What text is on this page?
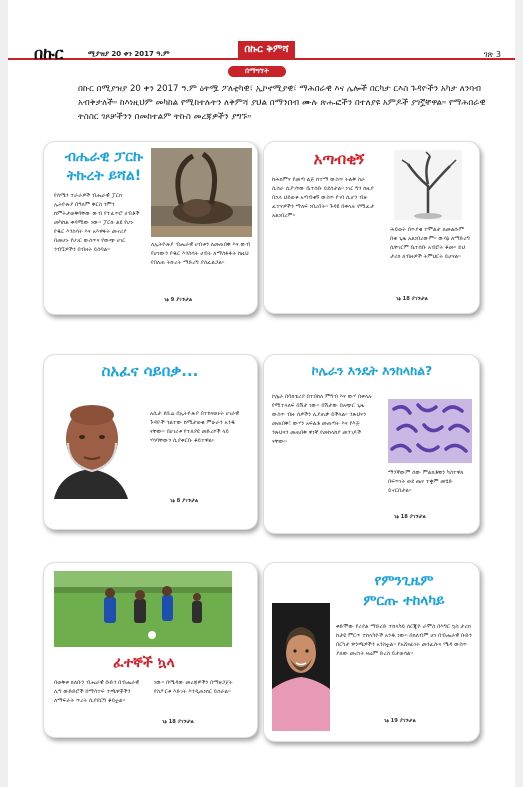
በኩር	ሚያዝያ 20 ቀን 2017 ዓ.ም	በኩር ቅምሻ	ገጽ 3
በማግኘት
በኩር በሚያዝያ 20 ቀን 2017 ዓ.ም ዕትሟ ፖለቲካዊ፣ ኢኮኖሚያዊ፣ ማሕበራዊ እና ሌሎች በርካታ ርእስ ጉዳዮችን አካታ ለንባብ አብቅታለች። ከእነዚህም መካከል የሚከተሉትን ለቅምሻ ያህል በማንበብ ሙሉ ጽሑፎችን በተለያዩ አምዶች ያገኟቸዋል። የማሕበራዊ ትስስር ገጾቻችንን በመከተልም ትኩስ መረጃዎችን ያግኙ።
ብሔራዊ ፓርኩ
ትኩረት ይሻል!

የሰሜን ተራራዎች ብሔራዊ ፓርክ ኢትዮጵያ በዓለም ቅርስ ጎምጎ ከምትታወቅባቸው ውብ የተፈጥሮ ሀብቶች መካከል ቀዳሚው ነው። ፓርኩ ልዩ የሆኑ የዱር እንስሳት እና አእዋፋት መኖሪያ በመሆኑ የሀገር ውስጥና የውጭ ሀገር ጎብኚዎችን በብዛት ይስባል።

ለኢትዮጵያ ብሔራዊ ሀብቱን ለመጠበቅ እና ውብ የሆነውን የዱር እንስሳት ሀብት ለማስፋፋት ከዚህ የበለጠ ትኩረት ማድረግ ያስፈልጋል።

ገፅ 9 ያገኙታል
አጣብቂኝ

ከሕክምና የመጣ ልጅ ከተማ ውስጥ ትልቅ ስራ ሲሰራ ሲያገኘው ቤተሰቡ ይደሰታል። ነገር ግን ከዚያ በኋላ ህይወቱ አጣብቂኝ ውስጥ የገባ ሲሆን ብዙ ፈተናዎችን ማለፍ ነበረበት። ጉዳዩ በቀላሉ የሚፈታ አልነበረም።

ሕይወት በጥያቄ ተሞልታ ለመልሱም በቂ ጊዜ አልነበረውም። ውሳኔ ለማድረግ ሲቸገርም ቤተሰቡ አብሮት ቆመ። ይህ ታሪክ ለብዙዎች ትምህርት ይሆናል።

ገፅ 18 ያገኙታል
ስአፈና ሳይበቃ...

አሲታ ደቢሬ በኢትዮጵያ በተከናወኑት ሀገራዊ ጉዳዮች ጎልተው ከሚታወቁ ምሁራን አንዱ ናቸው። በሀገሪቱ የተለያዩ መድረኮች ላይ ሃሳባቸውን ሲያቀርቡ ቆይተዋል።

ገፅ 8 ያገኙታል
ኮሌራን እንዴት እንከላከል?

ኮሌራ በባክቴሪያ በተበከለ ምግብ እና ውሃ በቀላሉ የሚተላለፍ በሽታ ነው። በሽታው በአጭር ጊዜ ውስጥ ብዙ ሰዎችን ሊያጠቃ ይችላል። ንጽህናን መጠበቅ፣ ውሃን አፍልቶ መጠጣት እና የእጅ ንጽህናን መጠበቅ ዋነኛ የመከላከያ መንገዶች ናቸው።

ማንኛውም ሰው ምልክቶቹን ካስተዋለ በፍጥነት ወደ ጤና ተቋም መሄድ ይኖርበታል።

ገፅ 18 ያገኙታል
ፈተኞች ኳላ

በወቅቱ ክለቡን ብሔራዊ ቡድን በብሔራዊ ሊግ ውድድሮች በማሳተፍ ተጫዋቾችን ለማፍራት ጥረት ሲያደርግ ቆይቷል።

ነው። በሜዳው መረጃዎችን በማዘጋጀት የስፖርቱ እድገት እንዲጠነክር ይሰራል።

ገፅ 18 ያገኙታል
የምንጊዜም
ምርጡ ተከላካይ

ቀድሞው የሪያል ማድሪድ ተከላካይ ሰርጂዮ ራሞስ በእግር ኳስ ታሪክ ከታዩ ምርጥ ተከላካዮች አንዱ ነው። በክለብም ሆነ በብሔራዊ ቡድን በርካታ ዋንጫዎችን አንስቷል። የአሸናፊነት መንፈሱና ሜዳ ውስጥ ያለው መሪነት ዛሬም ድረስ ይታወሳል።

ገፅ 19 ያገኙታል
